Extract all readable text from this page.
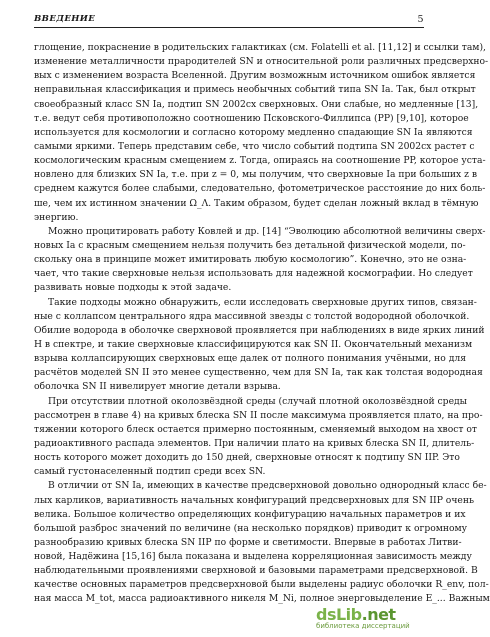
ВВЕДЕНИЕ	5

глощение, покраснение в родительских галактиках (см. Folatelli et al. [11,12] и ссылки там),
изменение металличности прародителей SN и относительной роли различных предсверхно-
вых с изменением возраста Вселенной. Другим возможным источником ошибок является
неправильная классификация и примесь необычных событий типа SN Ia. Так, был открыт
своеобразный класс SN Ia, подтип SN 2002cx сверхновых. Они слабые, но медленные [13],
т.е. ведут себя противоположно соотношению Псковского-Филлипса (PP) [9,10], которое
используется для космологии и согласно которому медленно спадающие SN Ia являются
самыми яркими. Теперь представим себе, что число событий подтипа SN 2002cx растет с
космологическим красным смещением z. Тогда, опираясь на соотношение PP, которое уста-
новлено для близких SN Ia, т.е. при z = 0, мы получим, что сверхновые Ia при больших z в
среднем кажутся более слабыми, следовательно, фотометрическое расстояние до них боль-
ше, чем их истинном значении Ω_Λ. Таким образом, будет сделан ложный вклад в тёмную
энергию.

Можно процитировать работу Ковлей и др. [14] “Эволюцию абсолютной величины сверх-
новых Ia с красным смещением нельзя получить без детальной физической модели, по-
скольку она в принципе может имитировать любую космологию”. Конечно, это не озна-
чает, что такие сверхновые нельзя использовать для надежной космографии. Но следует
развивать новые подходы к этой задаче.

Такие подходы можно обнаружить, если исследовать сверхновые других типов, связан-
ные с коллапсом центрального ядра массивной звезды с толстой водородной оболочкой.
Обилие водорода в оболочке сверхновой проявляется при наблюдениях в виде ярких линий
H в спектре, и такие сверхновые классифицируются как SN II. Окончательный механизм
взрыва коллапсирующих сверхновых еще далек от полного понимания учёными, но для
расчётов моделей SN II это менее существенно, чем для SN Ia, так как толстая водородная
оболочка SN II нивелирует многие детали взрыва.

При отсутствии плотной околозвёздной среды (случай плотной околозвёздной среды
рассмотрен в главе 4) на кривых блеска SN II после максимума проявляется плато, на про-
тяжении которого блеск остается примерно постоянным, сменяемый выходом на хвост от
радиоактивного распада элементов. При наличии плато на кривых блеска SN II, длитель-
ность которого может доходить до 150 дней, сверхновые относят к подтипу SN IIP. Это
самый густонаселенный подтип среди всех SN.

В отличии от SN Ia, имеющих в качестве предсверхновой довольно однородный класс бе-
лых карликов, вариативность начальных конфигураций предсверхновых для SN IIP очень
велика. Большое количество определяющих конфигурацию начальных параметров и их
большой разброс значений по величине (на несколько порядков) приводит к огромному
разнообразию кривых блеска SN IIP по форме и светимости. Впервые в работах Литви-
новой, Надёжина [15,16] была показана и выделена корреляционная зависимость между
наблюдательными проявлениями сверхновой и базовыми параметрами предсверхновой. В
качестве основных параметров предсверхновой были выделены радиус оболочки R_env, пол-
ная масса M_tot, масса радиоактивного никеля M_Ni, полное энерговыделение E_... Важным

dsLib.net
библиотека диссертаций
